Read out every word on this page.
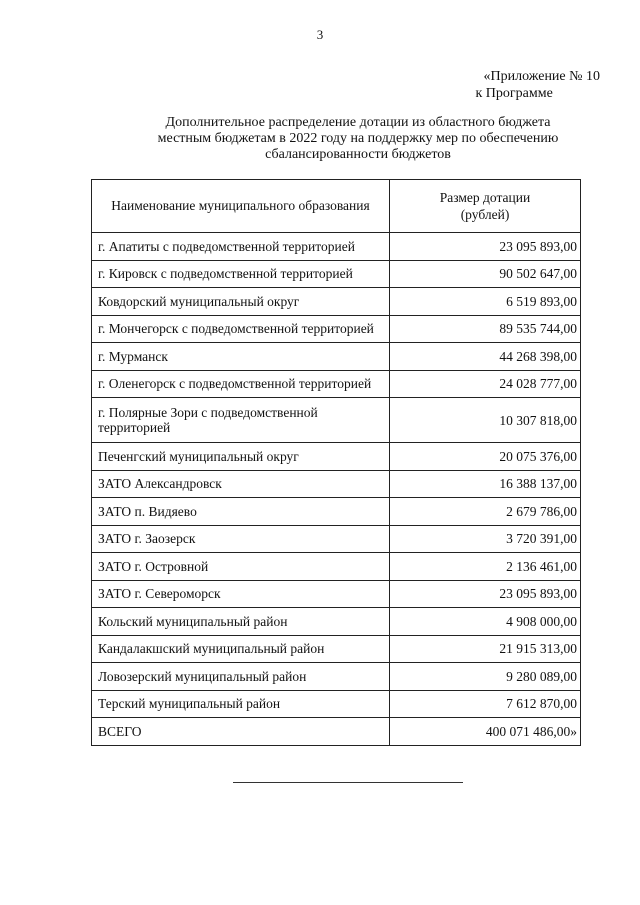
3
«Приложение № 10
к Программе
Дополнительное распределение дотации из областного бюджета
местным бюджетам в 2022 году на поддержку мер по обеспечению
сбалансированности бюджетов
Наименование муниципального образования	Размер дотации
(рублей)

г. Апатиты с подведомственной территорией	23 095 893,00
г. Кировск с подведомственной территорией	90 502 647,00
Ковдорский муниципальный округ	6 519 893,00
г. Мончегорск с подведомственной территорией	89 535 744,00
г. Мурманск	44 268 398,00
г. Оленегорск с подведомственной территорией	24 028 777,00
г. Полярные Зори с подведомственной территорией	10 307 818,00
Печенгский муниципальный округ	20 075 376,00
ЗАТО Александровск	16 388 137,00
ЗАТО п. Видяево	2 679 786,00
ЗАТО г. Заозерск	3 720 391,00
ЗАТО г. Островной	2 136 461,00
ЗАТО г. Североморск	23 095 893,00
Кольский муниципальный район	4 908 000,00
Кандалакшский муниципальный район	21 915 313,00
Ловозерский муниципальный район	9 280 089,00
Терский муниципальный район	7 612 870,00
ВСЕГО	400 071 486,00»
